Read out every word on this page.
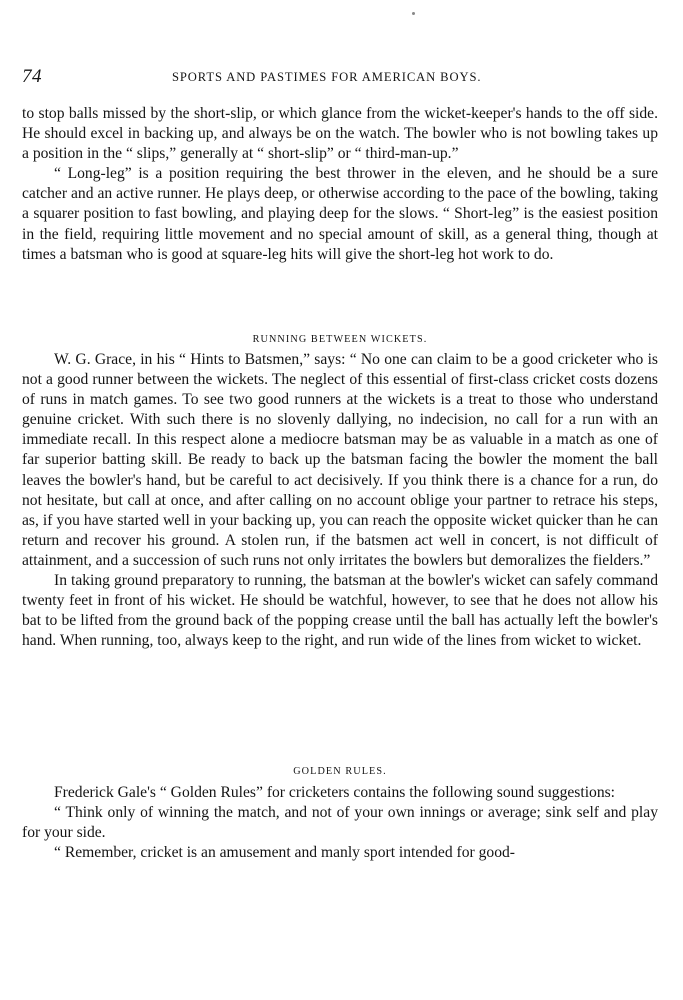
74	SPORTS AND PASTIMES FOR AMERICAN BOYS.

to stop balls missed by the short-slip, or which glance from the wicket-keeper's hands to the off side. He should excel in backing up, and always be on the watch. The bowler who is not bowling takes up a position in the “ slips,” generally at “ short-slip” or “ third-man-up.”

“ Long-leg” is a position requiring the best thrower in the eleven, and he should be a sure catcher and an active runner. He plays deep, or otherwise according to the pace of the bowling, taking a squarer position to fast bowling, and playing deep for the slows. “ Short-leg” is the easiest position in the field, requiring little movement and no special amount of skill, as a general thing, though at times a batsman who is good at square-leg hits will give the short-leg hot work to do.

RUNNING BETWEEN WICKETS.

W. G. Grace, in his “ Hints to Batsmen,” says: “ No one can claim to be a good cricketer who is not a good runner between the wickets. The neglect of this essential of first-class cricket costs dozens of runs in match games. To see two good runners at the wickets is a treat to those who understand genuine cricket. With such there is no slovenly dallying, no indecision, no call for a run with an immediate recall. In this respect alone a mediocre batsman may be as valuable in a match as one of far superior batting skill. Be ready to back up the batsman facing the bowler the moment the ball leaves the bowler's hand, but be careful to act decisively. If you think there is a chance for a run, do not hesitate, but call at once, and after calling on no account oblige your partner to retrace his steps, as, if you have started well in your backing up, you can reach the opposite wicket quicker than he can return and recover his ground. A stolen run, if the batsmen act well in concert, is not difficult of attainment, and a succession of such runs not only irritates the bowlers but demoralizes the fielders.”

In taking ground preparatory to running, the batsman at the bowler's wicket can safely command twenty feet in front of his wicket. He should be watchful, however, to see that he does not allow his bat to be lifted from the ground back of the popping crease until the ball has actually left the bowler's hand. When running, too, always keep to the right, and run wide of the lines from wicket to wicket.

GOLDEN RULES.

Frederick Gale's “ Golden Rules” for cricketers contains the following sound suggestions:

“ Think only of winning the match, and not of your own innings or average; sink self and play for your side.

“ Remember, cricket is an amusement and manly sport intended for good-
